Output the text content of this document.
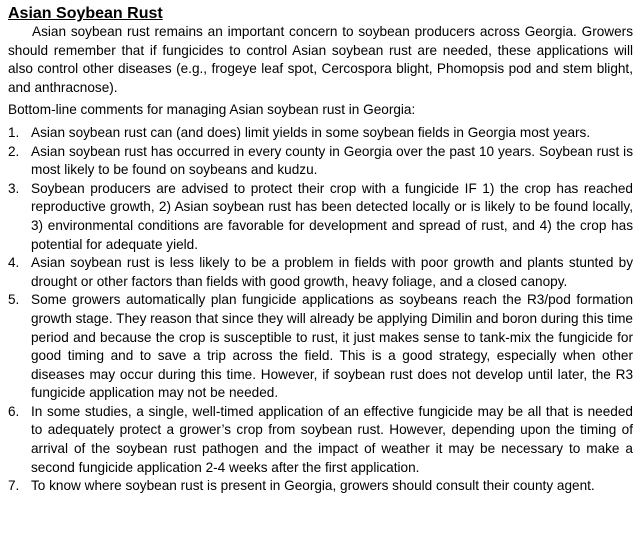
Asian Soybean Rust

Asian soybean rust remains an important concern to soybean producers across Georgia. Growers should remember that if fungicides to control Asian soybean rust are needed, these applications will also control other diseases (e.g., frogeye leaf spot, Cercospora blight, Phomopsis pod and stem blight, and anthracnose).

Bottom-line comments for managing Asian soybean rust in Georgia:

1. Asian soybean rust can (and does) limit yields in some soybean fields in Georgia most years.
2. Asian soybean rust has occurred in every county in Georgia over the past 10 years. Soybean rust is most likely to be found on soybeans and kudzu.
3. Soybean producers are advised to protect their crop with a fungicide IF 1) the crop has reached reproductive growth, 2) Asian soybean rust has been detected locally or is likely to be found locally, 3) environmental conditions are favorable for development and spread of rust, and 4) the crop has potential for adequate yield.
4. Asian soybean rust is less likely to be a problem in fields with poor growth and plants stunted by drought or other factors than fields with good growth, heavy foliage, and a closed canopy.
5. Some growers automatically plan fungicide applications as soybeans reach the R3/pod formation growth stage. They reason that since they will already be applying Dimilin and boron during this time period and because the crop is susceptible to rust, it just makes sense to tank-mix the fungicide for good timing and to save a trip across the field. This is a good strategy, especially when other diseases may occur during this time. However, if soybean rust does not develop until later, the R3 fungicide application may not be needed.
6. In some studies, a single, well-timed application of an effective fungicide may be all that is needed to adequately protect a grower’s crop from soybean rust. However, depending upon the timing of arrival of the soybean rust pathogen and the impact of weather it may be necessary to make a second fungicide application 2-4 weeks after the first application.
7. To know where soybean rust is present in Georgia, growers should consult their county agent.
